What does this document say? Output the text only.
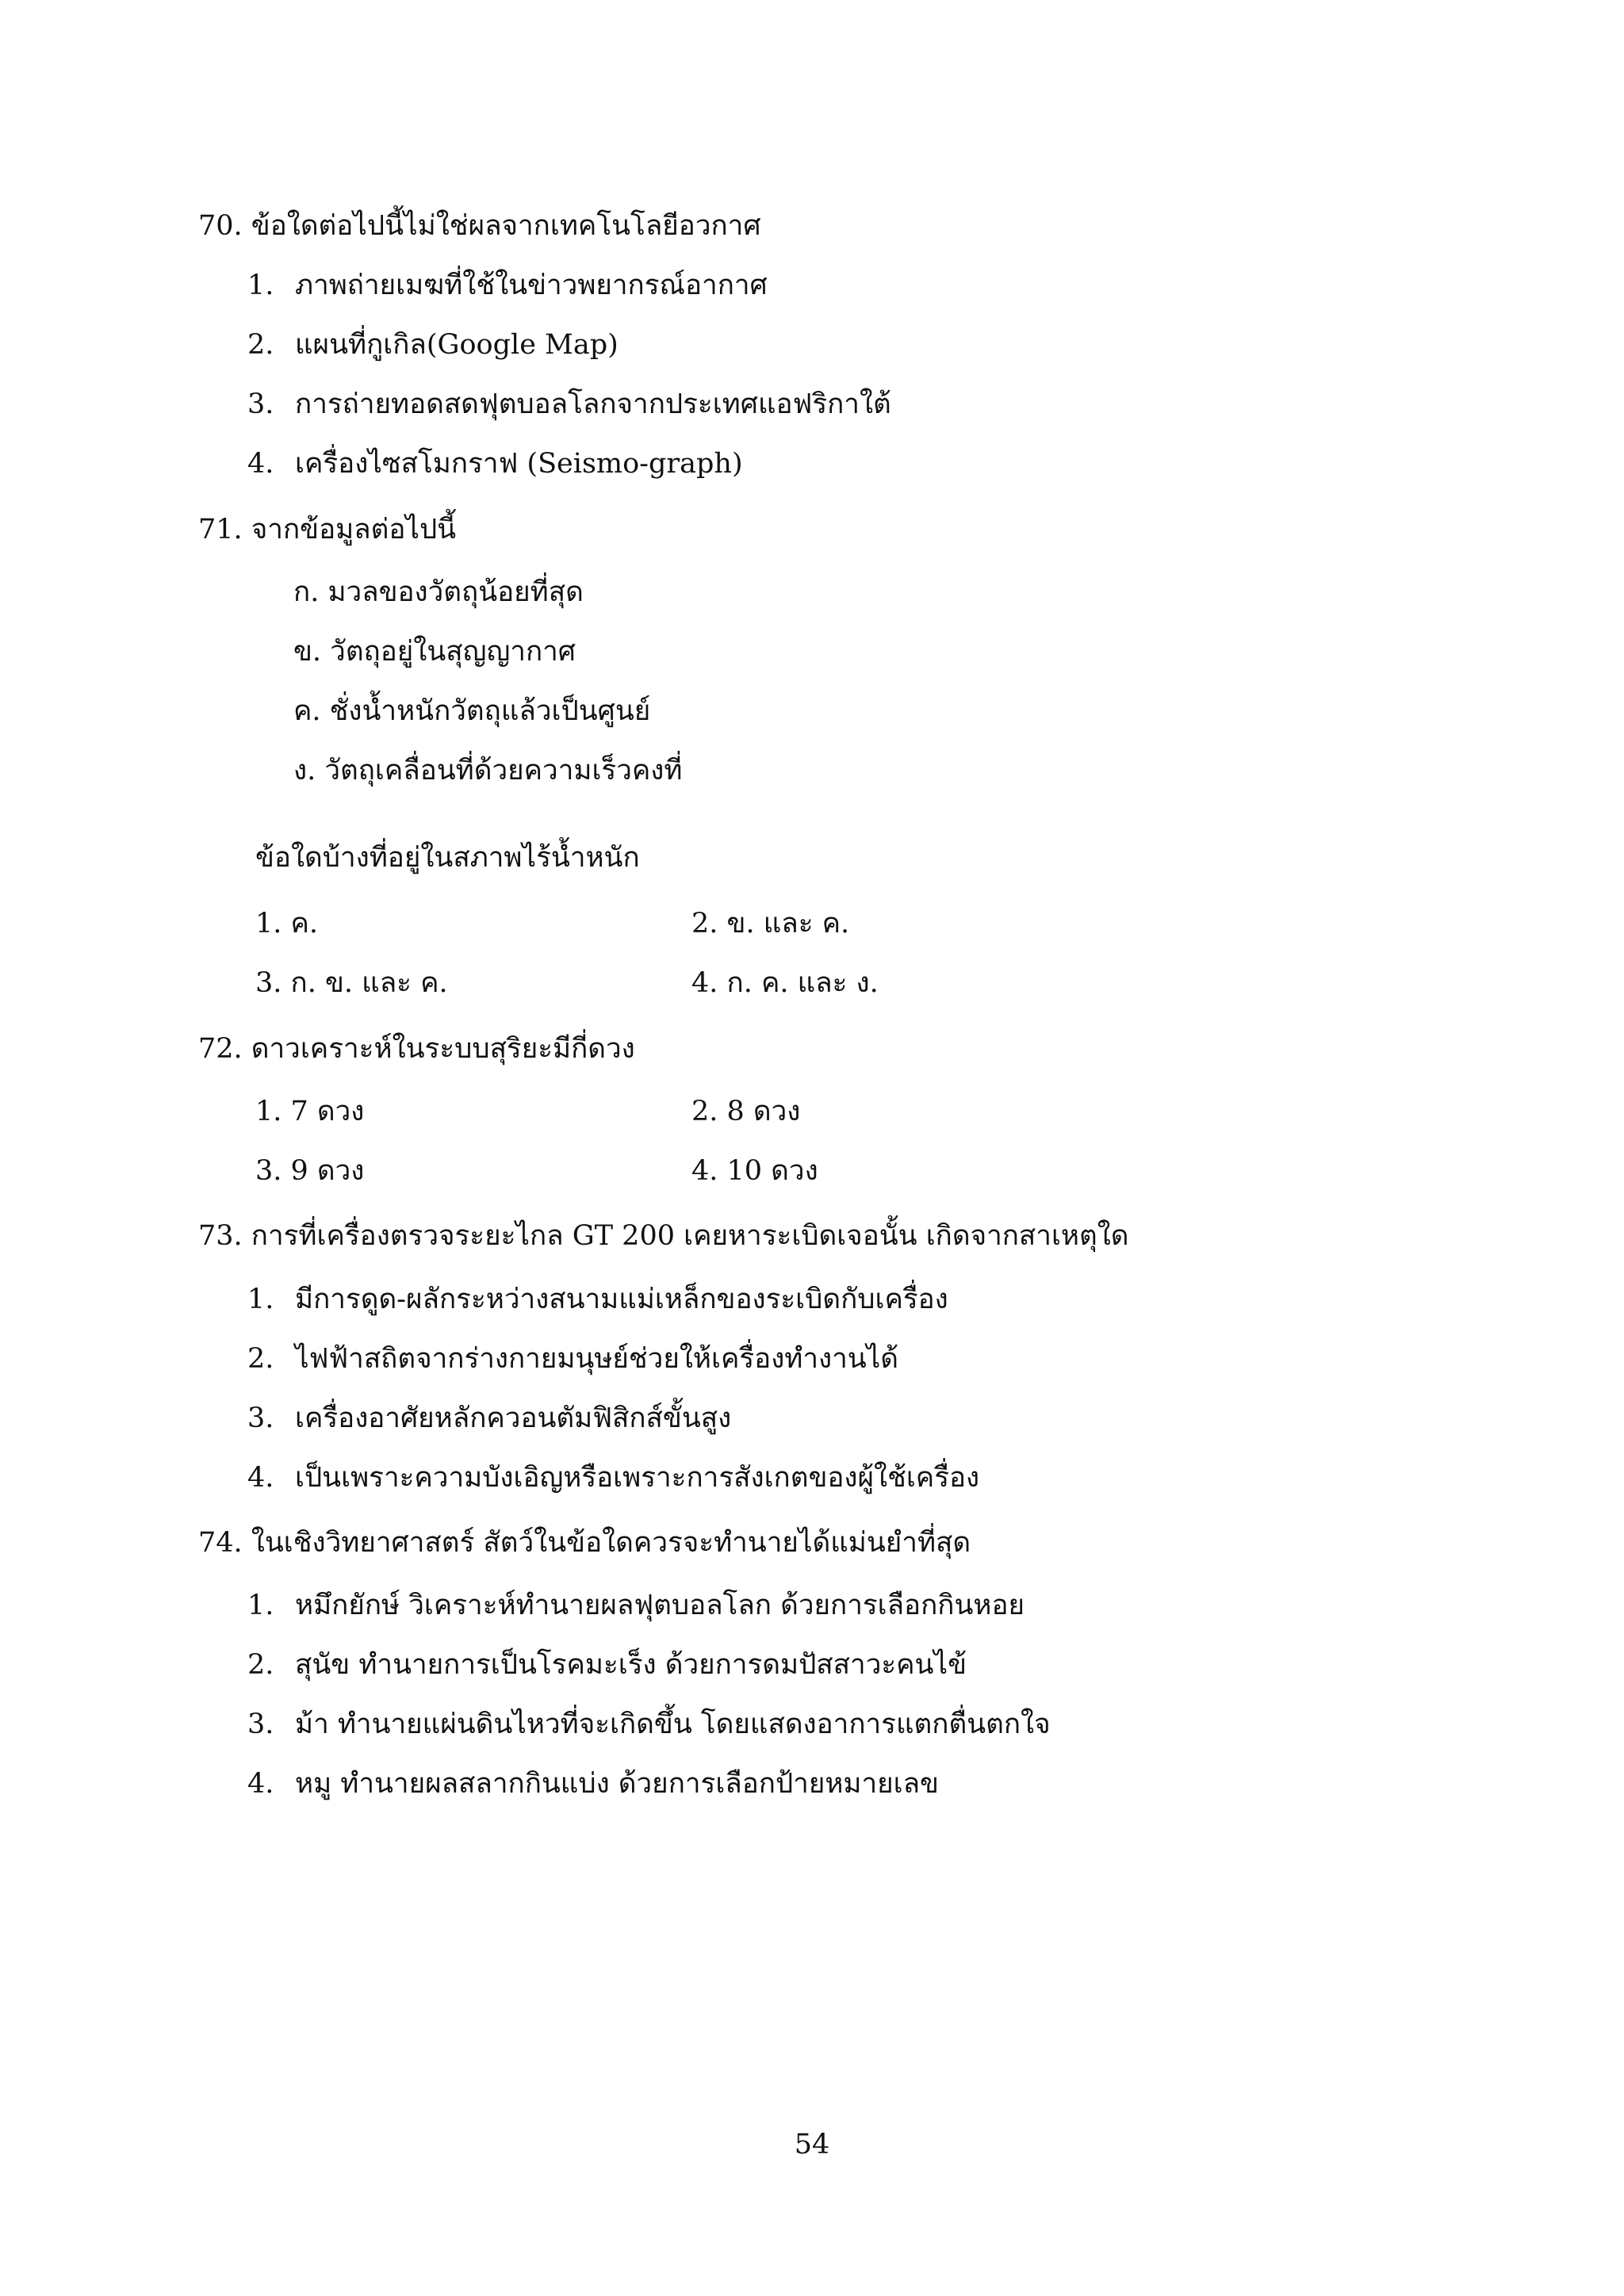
70. ข้อใดต่อไปนี้ไม่ใช่ผลจากเทคโนโลยีอวกาศ
1. ภาพถ่ายเมฆที่ใช้ในข่าวพยากรณ์อากาศ
2. แผนที่กูเกิล(Google Map)
3. การถ่ายทอดสดฟุตบอลโลกจากประเทศแอฟริกาใต้
4. เครื่องไซสโมกราฟ (Seismo-graph)
71. จากข้อมูลต่อไปนี้
ก. มวลของวัตถุน้อยที่สุด
ข. วัตถุอยู่ในสุญญากาศ
ค. ชั่งน้ำหนักวัตถุแล้วเป็นศูนย์
ง. วัตถุเคลื่อนที่ด้วยความเร็วคงที่
ข้อใดบ้างที่อยู่ในสภาพไร้น้ำหนัก
1. ค.	2. ข. และ ค.
3. ก. ข. และ ค.	4. ก. ค. และ ง.
72. ดาวเคราะห์ในระบบสุริยะมีกี่ดวง
1. 7 ดวง	2. 8 ดวง
3. 9 ดวง	4. 10 ดวง
73. การที่เครื่องตรวจระยะไกล GT 200 เคยหาระเบิดเจอนั้น เกิดจากสาเหตุใด
1. มีการดูด-ผลักระหว่างสนามแม่เหล็กของระเบิดกับเครื่อง
2. ไฟฟ้าสถิตจากร่างกายมนุษย์ช่วยให้เครื่องทำงานได้
3. เครื่องอาศัยหลักควอนตัมฟิสิกส์ขั้นสูง
4. เป็นเพราะความบังเอิญหรือเพราะการสังเกตของผู้ใช้เครื่อง
74. ในเชิงวิทยาศาสตร์ สัตว์ในข้อใดควรจะทำนายได้แม่นยำที่สุด
1. หมึกยักษ์ วิเคราะห์ทำนายผลฟุตบอลโลก ด้วยการเลือกกินหอย
2. สุนัข ทำนายการเป็นโรคมะเร็ง ด้วยการดมปัสสาวะคนไข้
3. ม้า ทำนายแผ่นดินไหวที่จะเกิดขึ้น โดยแสดงอาการแตกตื่นตกใจ
4. หมู ทำนายผลสลากกินแบ่ง ด้วยการเลือกป้ายหมายเลข
54
